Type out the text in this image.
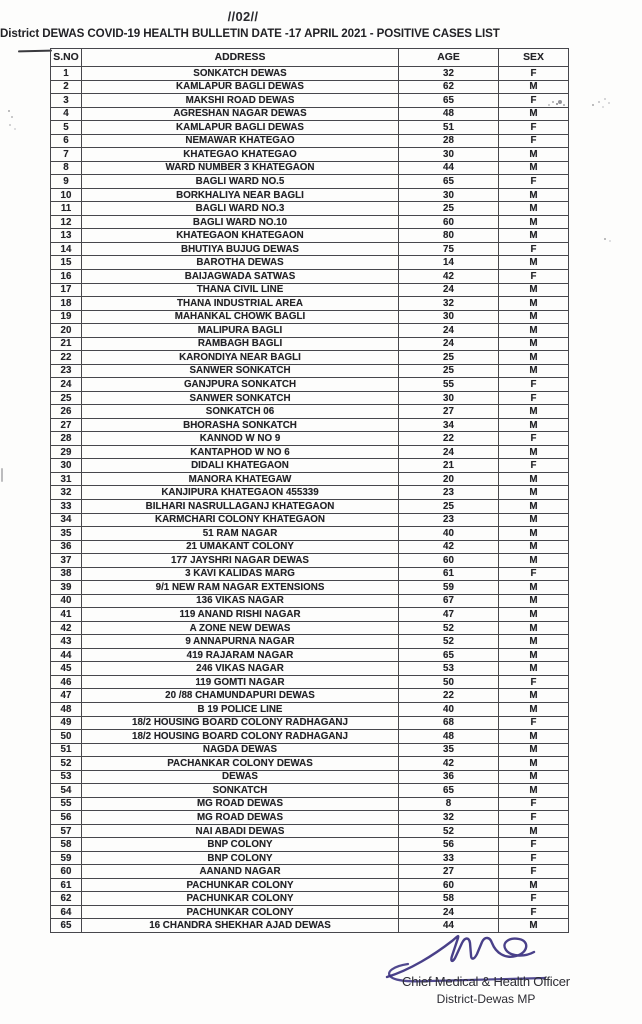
//02//
District DEWAS COVID-19 HEALTH BULLETIN DATE -17 APRIL 2021 - POSITIVE CASES LIST
S.NO	ADDRESS	AGE	SEX
1	SONKATCH DEWAS	32	F
2	KAMLAPUR BAGLI DEWAS	62	M
3	MAKSHI ROAD DEWAS	65	F
4	AGRESHAN NAGAR DEWAS	48	M
5	KAMLAPUR BAGLI DEWAS	51	F
6	NEMAWAR KHATEGAO	28	F
7	KHATEGAO KHATEGAO	30	M
8	WARD NUMBER 3 KHATEGAON	44	M
9	BAGLI WARD NO.5	65	F
10	BORKHALIYA NEAR BAGLI	30	M
11	BAGLI WARD NO.3	25	M
12	BAGLI WARD NO.10	60	M
13	KHATEGAON KHATEGAON	80	M
14	BHUTIYA BUJUG DEWAS	75	F
15	BAROTHA DEWAS	14	M
16	BAIJAGWADA SATWAS	42	F
17	THANA CIVIL LINE	24	M
18	THANA INDUSTRIAL AREA	32	M
19	MAHANKAL CHOWK BAGLI	30	M
20	MALIPURA BAGLI	24	M
21	RAMBAGH BAGLI	24	M
22	KARONDIYA NEAR BAGLI	25	M
23	SANWER SONKATCH	25	M
24	GANJPURA SONKATCH	55	F
25	SANWER SONKATCH	30	F
26	SONKATCH 06	27	M
27	BHORASHA SONKATCH	34	M
28	KANNOD W NO 9	22	F
29	KANTAPHOD W NO 6	24	M
30	DIDALI KHATEGAON	21	F
31	MANORA KHATEGAW	20	M
32	KANJIPURA KHATEGAON 455339	23	M
33	BILHARI NASRULLAGANJ KHATEGAON	25	M
34	KARMCHARI COLONY KHATEGAON	23	M
35	51 RAM NAGAR	40	M
36	21 UMAKANT COLONY	42	M
37	177 JAYSHRI NAGAR DEWAS	60	M
38	3 KAVI KALIDAS MARG	61	F
39	9/1 NEW RAM NAGAR EXTENSIONS	59	M
40	136 VIKAS NAGAR	67	M
41	119 ANAND RISHI NAGAR	47	M
42	A ZONE NEW DEWAS	52	M
43	9 ANNAPURNA NAGAR	52	M
44	419 RAJARAM NAGAR	65	M
45	246 VIKAS NAGAR	53	M
46	119 GOMTI NAGAR	50	F
47	20 /88 CHAMUNDAPURI DEWAS	22	M
48	B 19 POLICE LINE	40	M
49	18/2 HOUSING BOARD COLONY RADHAGANJ	68	F
50	18/2 HOUSING BOARD COLONY RADHAGANJ	48	M
51	NAGDA DEWAS	35	M
52	PACHANKAR COLONY DEWAS	42	M
53	DEWAS	36	M
54	SONKATCH	65	M
55	MG ROAD DEWAS	8	F
56	MG ROAD DEWAS	32	F
57	NAI ABADI DEWAS	52	M
58	BNP COLONY	56	F
59	BNP COLONY	33	F
60	AANAND NAGAR	27	F
61	PACHUNKAR COLONY	60	M
62	PACHUNKAR COLONY	58	F
64	PACHUNKAR COLONY	24	F
65	16 CHANDRA SHEKHAR AJAD DEWAS	44	M
Chief Medical & Health Officer
District-Dewas MP
